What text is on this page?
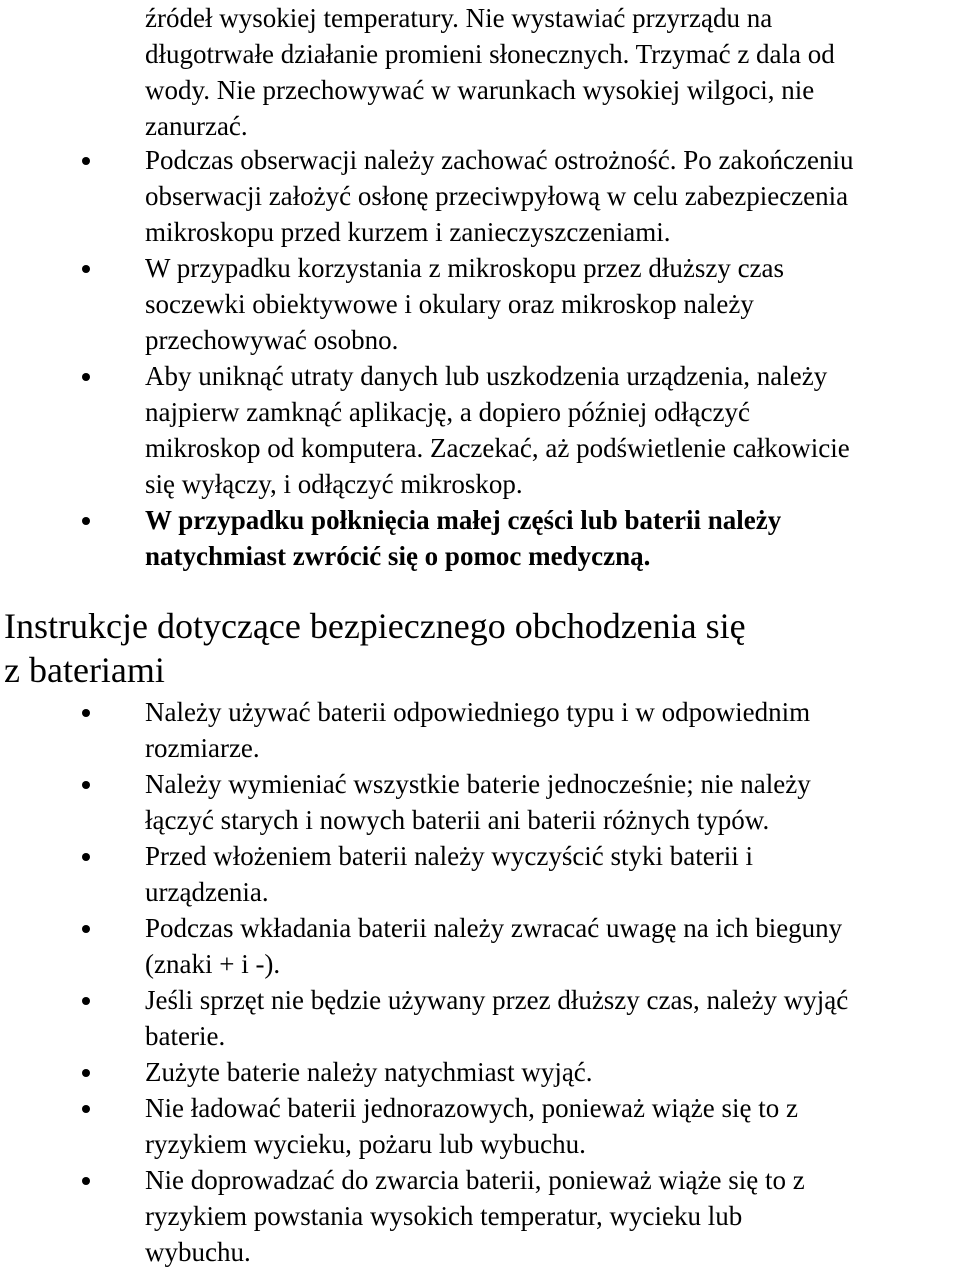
źródeł wysokiej temperatury. Nie wystawiać przyrządu na
długotrwałe działanie promieni słonecznych. Trzymać z dala od
wody. Nie przechowywać w warunkach wysokiej wilgoci, nie
zanurzać.
Podczas obserwacji należy zachować ostrożność. Po zakończeniu
obserwacji założyć osłonę przeciwpyłową w celu zabezpieczenia
mikroskopu przed kurzem i zanieczyszczeniami.
W przypadku korzystania z mikroskopu przez dłuższy czas
soczewki obiektywowe i okulary oraz mikroskop należy
przechowywać osobno.
Aby uniknąć utraty danych lub uszkodzenia urządzenia, należy
najpierw zamknąć aplikację, a dopiero później odłączyć
mikroskop od komputera. Zaczekać, aż podświetlenie całkowicie
się wyłączy, i odłączyć mikroskop.
W przypadku połknięcia małej części lub baterii należy
natychmiast zwrócić się o pomoc medyczną.
Instrukcje dotyczące bezpiecznego obchodzenia się
z bateriami
Należy używać baterii odpowiedniego typu i w odpowiednim
rozmiarze.
Należy wymieniać wszystkie baterie jednocześnie; nie należy
łączyć starych i nowych baterii ani baterii różnych typów.
Przed włożeniem baterii należy wyczyścić styki baterii i
urządzenia.
Podczas wkładania baterii należy zwracać uwagę na ich bieguny
(znaki + i -).
Jeśli sprzęt nie będzie używany przez dłuższy czas, należy wyjąć
baterie.
Zużyte baterie należy natychmiast wyjąć.
Nie ładować baterii jednorazowych, ponieważ wiąże się to z
ryzykiem wycieku, pożaru lub wybuchu.
Nie doprowadzać do zwarcia baterii, ponieważ wiąże się to z
ryzykiem powstania wysokich temperatur, wycieku lub
wybuchu.
